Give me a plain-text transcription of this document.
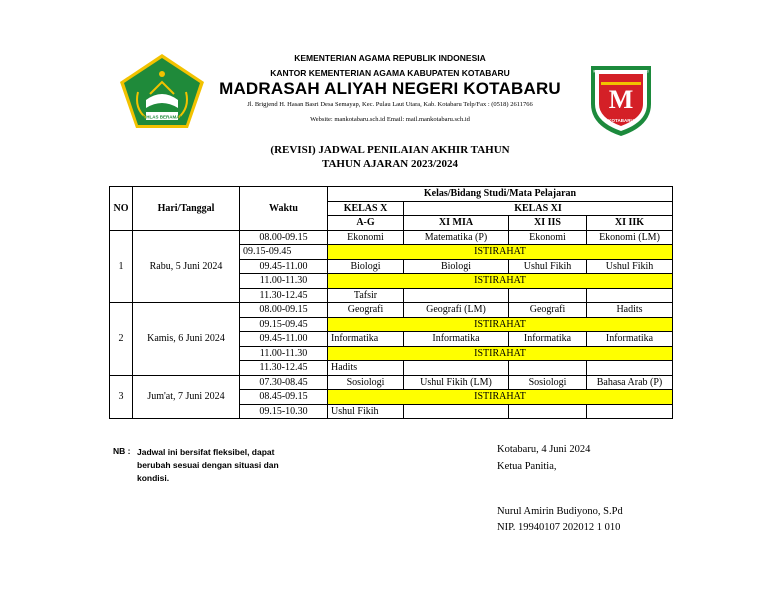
IKHLAS BERAMAL
M
MADRASAH ALIYAH NEGERI
KOTABARU
KEMENTERIAN AGAMA REPUBLIK INDONESIA
KANTOR KEMENTERIAN AGAMA KABUPATEN KOTABARU
MADRASAH ALIYAH NEGERI KOTABARU
Jl. Brigjend H. Hasan Basri Desa Semayap, Kec. Pulau Laut Utara, Kab. Kotabaru Telp/Fax : (0518) 2611766
Website: mankotabaru.sch.id Email: mail.mankotabaru.sch.id
(REVISI) JADWAL PENILAIAN AKHIR TAHUN
TAHUN AJARAN 2023/2024
NO	Hari/Tanggal	Waktu	Kelas/Bidang Studi/Mata Pelajaran			
			KELAS X	KELAS XI		
			A-G	XI MIA	XI IIS	XI IIK
1	Rabu, 5 Juni 2024	08.00-09.15	Ekonomi	Matematika (P)	Ekonomi	Ekonomi (LM)
		09.15-09.45	ISTIRAHAT			
		09.45-11.00	Biologi	Biologi	Ushul Fikih	Ushul Fikih
		11.00-11.30	ISTIRAHAT			
		11.30-12.45	Tafsir			
2	Kamis, 6 Juni 2024	08.00-09.15	Geografi	Geografi (LM)	Geografi	Hadits
		09.15-09.45	ISTIRAHAT			
		09.45-11.00	Informatika	Informatika	Informatika	Informatika
		11.00-11.30	ISTIRAHAT			
		11.30-12.45	Hadits			
3	Jum'at, 7 Juni 2024	07.30-08.45	Sosiologi	Ushul Fikih (LM)	Sosiologi	Bahasa Arab (P)
		08.45-09.15	ISTIRAHAT			
		09.15-10.30	Ushul Fikih			
NB : Jadwal ini bersifat fleksibel, dapat berubah sesuai dengan situasi dan kondisi.
Kotabaru, 4 Juni 2024
Ketua Panitia,
Nurul Amirin Budiyono, S.Pd
NIP. 19940107 202012 1 010
